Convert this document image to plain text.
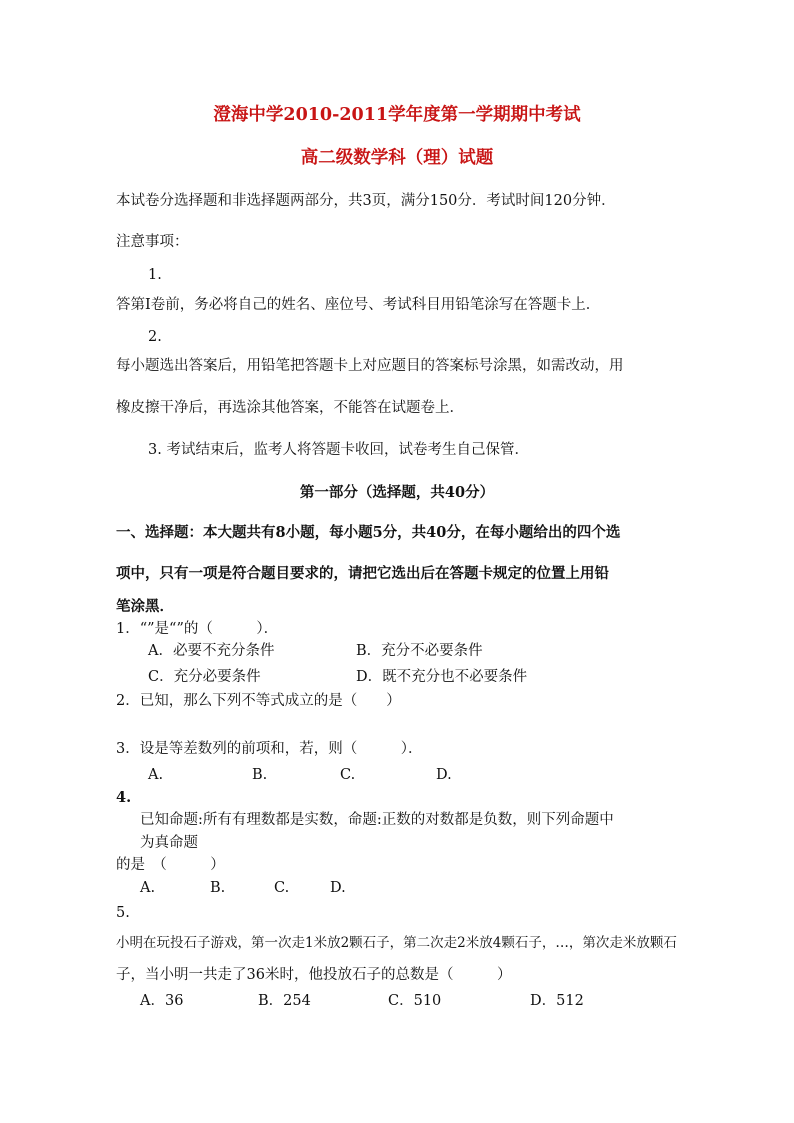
澄海中学2010-2011学年度第一学期期中考试
高二级数学科（理）试题
本试卷分选择题和非选择题两部分，共3页，满分150分．考试时间120分钟．
注意事项：
1.
答第I卷前，务必将自己的姓名、座位号、考试科目用铅笔涂写在答题卡上．
2.
每小题选出答案后，用铅笔把答题卡上对应题目的答案标号涂黑，如需改动，用
橡皮擦干净后，再选涂其他答案，不能答在试题卷上．
3. 考试结束后，监考人将答题卡收回，试卷考生自己保管．
第一部分（选择题，共40分）
一、选择题：本大题共有8小题，每小题5分，共40分，在每小题给出的四个选
项中，只有一项是符合题目要求的，请把它选出后在答题卡规定的位置上用铅
笔涂黑．
1．“”是“”的（　　　）．
A．必要不充分条件	B．充分不必要条件
C．充分必要条件	D．既不充分也不必要条件
2．已知，那么下列不等式成立的是（　　）
3．设是等差数列的前项和，若，则（　　　）．
A.	B.	C.	D.
4.
已知命题:所有有理数都是实数，命题:正数的对数都是负数，则下列命题中
为真命题
的是　（　　　）
A.	B.	C.	D.
5.
小明在玩投石子游戏，第一次走1米放2颗石子，第二次走2米放4颗石子，…，第次走米放颗石
子，当小明一共走了36米时，他投放石子的总数是（　　　）
A．36	B．254	C．510	D．512
